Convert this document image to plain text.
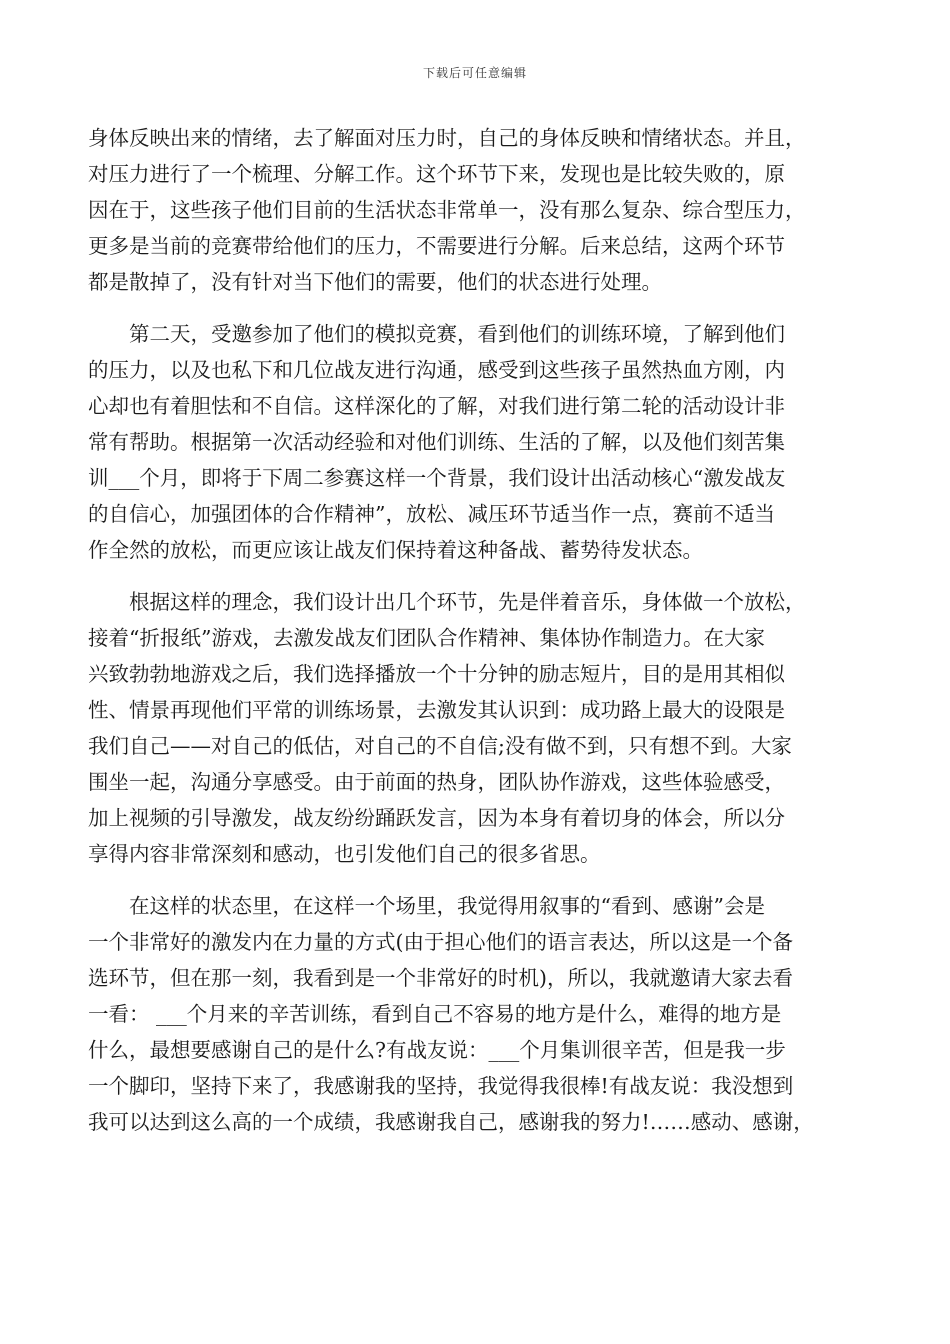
下载后可任意编辑
身体反映出来的情绪，去了解面对压力时，自己的身体反映和情绪状态。并且，
对压力进行了一个梳理、分解工作。这个环节下来，发现也是比较失败的，原
因在于，这些孩子他们目前的生活状态非常单一，没有那么复杂、综合型压力，
更多是当前的竞赛带给他们的压力，不需要进行分解。后来总结，这两个环节
都是散掉了，没有针对当下他们的需要，他们的状态进行处理。
　　第二天，受邀参加了他们的模拟竞赛，看到他们的训练环境，了解到他们
的压力，以及也私下和几位战友进行沟通，感受到这些孩子虽然热血方刚，内
心却也有着胆怯和不自信。这样深化的了解，对我们进行第二轮的活动设计非
常有帮助。根据第一次活动经验和对他们训练、生活的了解，以及他们刻苦集
训___个月，即将于下周二参赛这样一个背景，我们设计出活动核心“激发战友
的自信心，加强团体的合作精神”，放松、减压环节适当作一点，赛前不适当
作全然的放松，而更应该让战友们保持着这种备战、蓄势待发状态。
　　根据这样的理念，我们设计出几个环节，先是伴着音乐，身体做一个放松，
接着“折报纸”游戏，去激发战友们团队合作精神、集体协作制造力。在大家
兴致勃勃地游戏之后，我们选择播放一个十分钟的励志短片，目的是用其相似
性、情景再现他们平常的训练场景，去激发其认识到：成功路上最大的设限是
我们自己——对自己的低估，对自己的不自信;没有做不到，只有想不到。大家
围坐一起，沟通分享感受。由于前面的热身，团队协作游戏，这些体验感受，
加上视频的引导激发，战友纷纷踊跃发言，因为本身有着切身的体会，所以分
享得内容非常深刻和感动，也引发他们自己的很多省思。
　　在这样的状态里，在这样一个场里，我觉得用叙事的“看到、感谢”会是
一个非常好的激发内在力量的方式(由于担心他们的语言表达，所以这是一个备
选环节，但在那一刻，我看到是一个非常好的时机)，所以，我就邀请大家去看
一看： ___个月来的辛苦训练，看到自己不容易的地方是什么，难得的地方是
什么，最想要感谢自己的是什么?有战友说：___个月集训很辛苦，但是我一步
一个脚印，坚持下来了，我感谢我的坚持，我觉得我很棒!有战友说：我没想到
我可以达到这么高的一个成绩，我感谢我自己，感谢我的努力!……感动、感谢，
